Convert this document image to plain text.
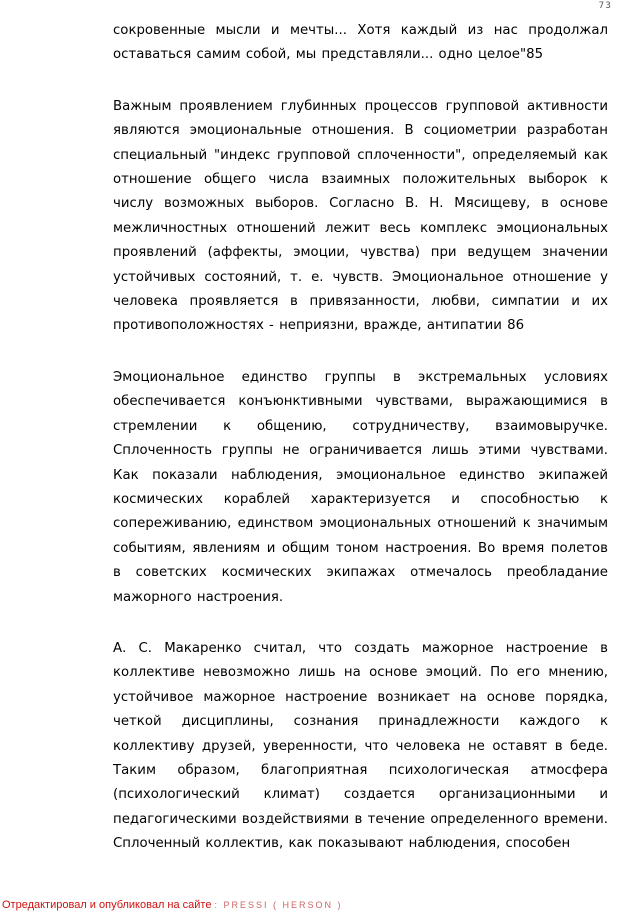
73

сокровенные мысли и мечты... Хотя каждый из нас продолжал оставаться самим собой, мы представляли... одно целое"85

Важным проявлением глубинных процессов групповой активности являются эмоциональные отношения. В социометрии разработан специальный "индекс групповой сплоченности", определяемый как отношение общего числа взаимных положительных выборок к числу возможных выборов. Согласно В. Н. Мясищеву, в основе межличностных отношений лежит весь комплекс эмоциональных проявлений (аффекты, эмоции, чувства) при ведущем значении устойчивых состояний, т. е. чувств. Эмоциональное отношение у человека проявляется в привязанности, любви, симпатии и их противоположностях - неприязни, вражде, антипатии 86

Эмоциональное единство группы в экстремальных условиях обеспечивается конъюнктивными чувствами, выражающимися в стремлении к общению, сотрудничеству, взаимовыручке. Сплоченность группы не ограничивается лишь этими чувствами. Как показали наблюдения, эмоциональное единство экипажей космических кораблей характеризуется и способностью к сопереживанию, единством эмоциональных отношений к значимым событиям, явлениям и общим тоном настроения. Во время полетов в советских космических экипажах отмечалось преобладание мажорного настроения.

А. С. Макаренко считал, что создать мажорное настроение в коллективе невозможно лишь на основе эмоций. По его мнению, устойчивое мажорное настроение возникает на основе порядка, четкой дисциплины, сознания принадлежности каждого к коллективу друзей, уверенности, что человека не оставят в беде. Таким образом, благоприятная психологическая атмосфера (психологический климат) создается организационными и педагогическими воздействиями в течение определенного времени. Сплоченный коллектив, как показывают наблюдения, способен

Отредактировал и опубликовал на сайте : PRESSI ( HERSON )
